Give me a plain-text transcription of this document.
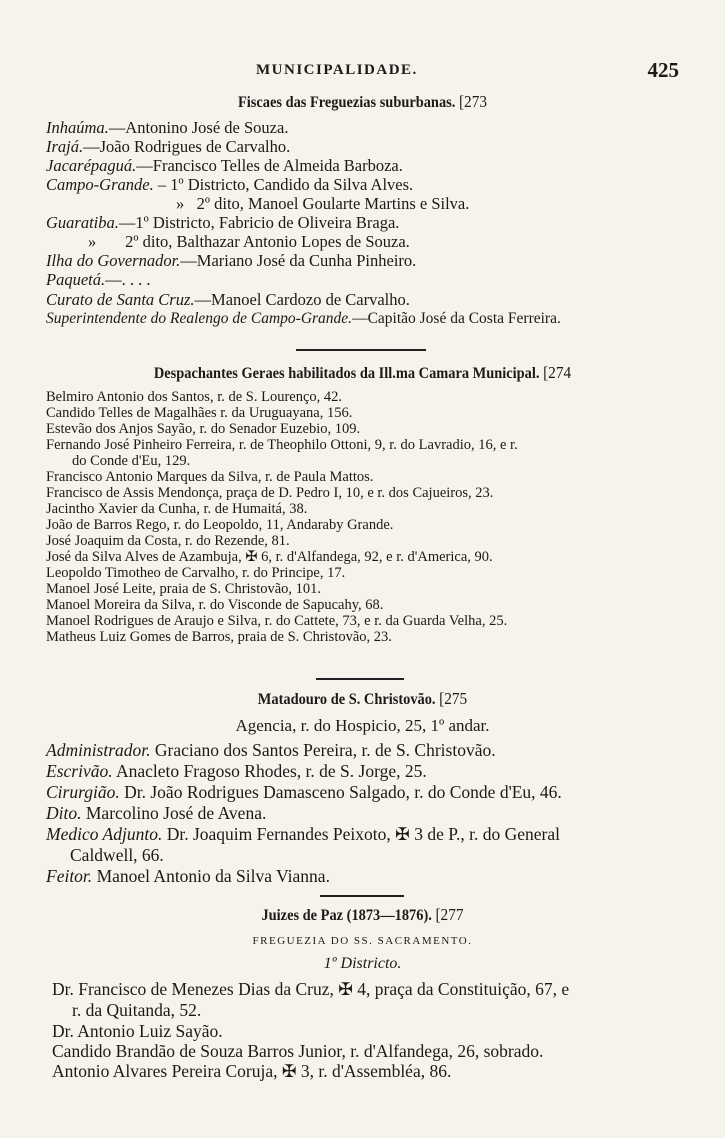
MUNICIPALIDADE.	425
Fiscaes das Freguezias suburbanas. [273
Inhaúma.—Antonino José de Souza.
Irajá.—João Rodrigues de Carvalho.
Jacarépaguá.—Francisco Telles de Almeida Barboza.
Campo-Grande. – 1º Districto, Candido da Silva Alves.
» 2º dito, Manoel Goularte Martins e Silva.
Guaratiba.—1º Districto, Fabricio de Oliveira Braga.
» 2º dito, Balthazar Antonio Lopes de Souza.
Ilha do Governador.—Mariano José da Cunha Pinheiro.
Paquetá.—. . . .
Curato de Santa Cruz.—Manoel Cardozo de Carvalho.
Superintendente do Realengo de Campo-Grande.—Capitão José da Costa Ferreira.
Despachantes Geraes habilitados da Ill.ma Camara Municipal. [274
Belmiro Antonio dos Santos, r. de S. Lourenço, 42.
Candido Telles de Magalhães r. da Uruguayana, 156.
Estevão dos Anjos Sayão, r. do Senador Euzebio, 109.
Fernando José Pinheiro Ferreira, r. de Theophilo Ottoni, 9, r. do Lavradio, 16, e r.
do Conde d'Eu, 129.
Francisco Antonio Marques da Silva, r. de Paula Mattos.
Francisco de Assis Mendonça, praça de D. Pedro I, 10, e r. dos Cajueiros, 23.
Jacintho Xavier da Cunha, r. de Humaitá, 38.
João de Barros Rego, r. do Leopoldo, 11, Andaraby Grande.
José Joaquim da Costa, r. do Rezende, 81.
José da Silva Alves de Azambuja, ✠ 6, r. d'Alfandega, 92, e r. d'America, 90.
Leopoldo Timotheo de Carvalho, r. do Principe, 17.
Manoel José Leite, praia de S. Christovão, 101.
Manoel Moreira da Silva, r. do Visconde de Sapucahy, 68.
Manoel Rodrigues de Araujo e Silva, r. do Cattete, 73, e r. da Guarda Velha, 25.
Matheus Luiz Gomes de Barros, praia de S. Christovão, 23.
Matadouro de S. Christovão. [275
Agencia, r. do Hospicio, 25, 1º andar.
Administrador. Graciano dos Santos Pereira, r. de S. Christovão.
Escrivão. Anacleto Fragoso Rhodes, r. de S. Jorge, 25.
Cirurgião. Dr. João Rodrigues Damasceno Salgado, r. do Conde d'Eu, 46.
Dito. Marcolino José de Avena.
Medico Adjunto. Dr. Joaquim Fernandes Peixoto, ✠ 3 de P., r. do General
Caldwell, 66.
Feitor. Manoel Antonio da Silva Vianna.
Juizes de Paz (1873—1876). [277
FREGUEZIA DO SS. SACRAMENTO.
1º Districto.
Dr. Francisco de Menezes Dias da Cruz, ✠ 4, praça da Constituição, 67, e
r. da Quitanda, 52.
Dr. Antonio Luiz Sayão.
Candido Brandão de Souza Barros Junior, r. d'Alfandega, 26, sobrado.
Antonio Alvares Pereira Coruja, ✠ 3, r. d'Assembléa, 86.
